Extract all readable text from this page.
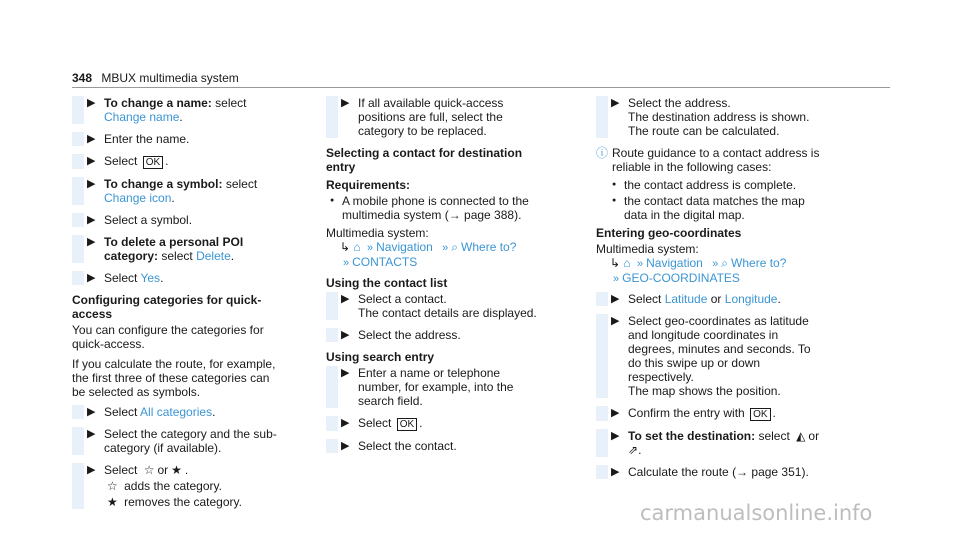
348 MBUX multimedia system
▶ To change a name: select Change name.
▶ Enter the name.
▶ Select OK .
▶ To change a symbol: select Change icon.
▶ Select a symbol.
▶ To delete a personal POI category: select Delete.
▶ Select Yes.
Configuring categories for quick-access
You can configure the categories for quick-access.
If you calculate the route, for example, the first three of these categories can be selected as symbols.
▶ Select All categories.
▶ Select the category and the sub-category (if available).
▶ Select ☆ or ★ .
☆ adds the category.
★ removes the category.
▶ If all available quick-access positions are full, select the category to be replaced.
Selecting a contact for destination entry
Requirements:
● A mobile phone is connected to the multimedia system (→ page 388).
Multimedia system:
↳ ⌂ » Navigation » ⌕ Where to?
» CONTACTS
Using the contact list
▶ Select a contact.
The contact details are displayed.
▶ Select the address.
Using search entry
▶ Enter a name or telephone number, for example, into the search field.
▶ Select OK .
▶ Select the contact.
▶ Select the address.
The destination address is shown. The route can be calculated.
ⓘ Route guidance to a contact address is reliable in the following cases:
● the contact address is complete.
● the contact data matches the map data in the digital map.
Entering geo-coordinates
Multimedia system:
↳ ⌂ » Navigation » ⌕ Where to?
» GEO-COORDINATES
▶ Select Latitude or Longitude.
▶ Select geo-coordinates as latitude and longitude coordinates in degrees, minutes and seconds. To do this swipe up or down respectively.
The map shows the position.
▶ Confirm the entry with OK .
▶ To set the destination: select ◭ or
⇗.
▶ Calculate the route (→ page 351).
carmanualsonline.info
